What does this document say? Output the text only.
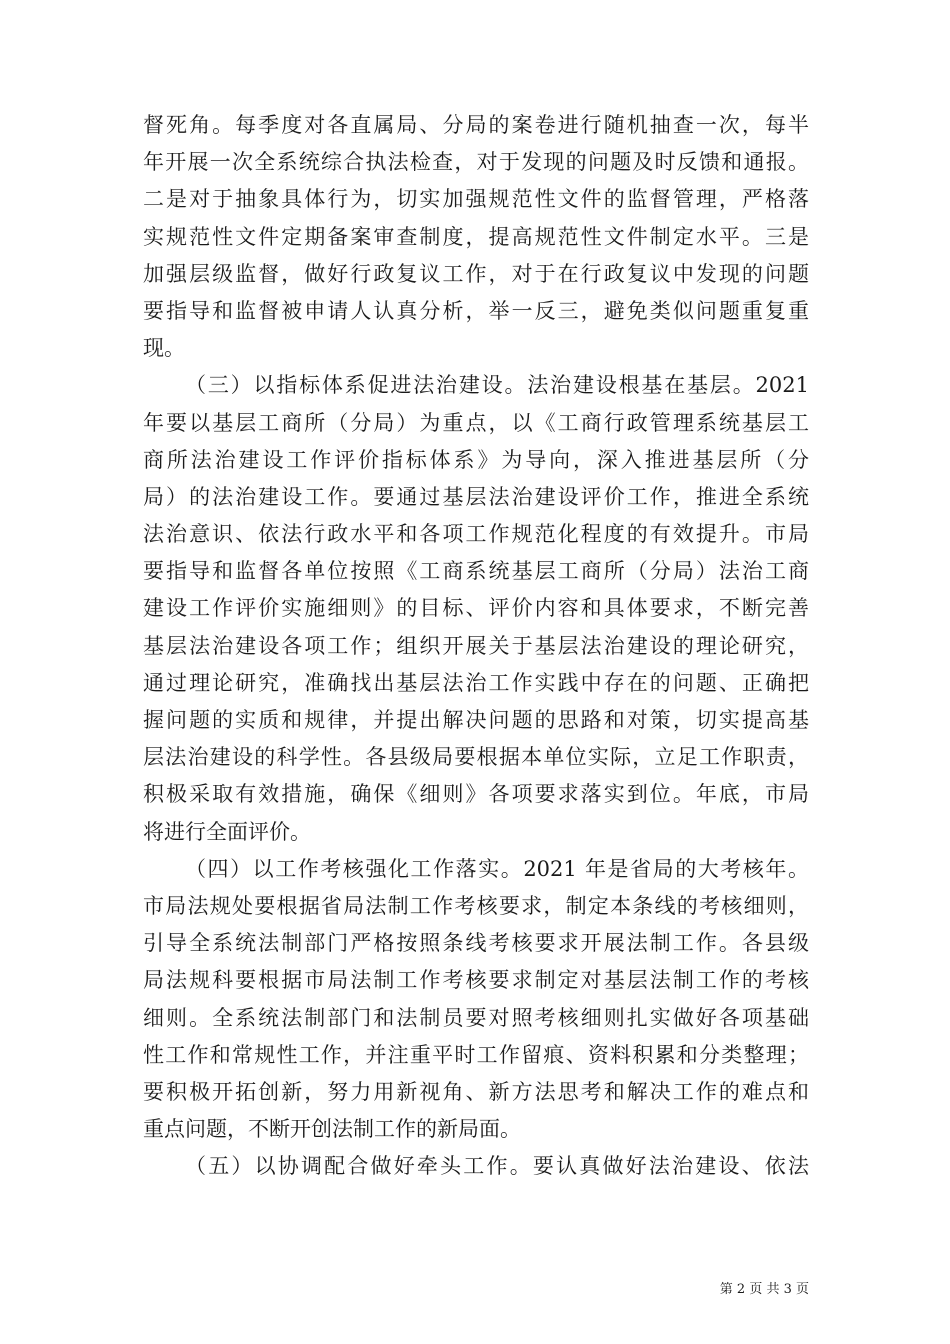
督死角。每季度对各直属局、分局的案卷进行随机抽查一次，每半
年开展一次全系统综合执法检查，对于发现的问题及时反馈和通报。
二是对于抽象具体行为，切实加强规范性文件的监督管理，严格落
实规范性文件定期备案审查制度，提高规范性文件制定水平。三是
加强层级监督，做好行政复议工作，对于在行政复议中发现的问题
要指导和监督被申请人认真分析，举一反三，避免类似问题重复重
现。
（三）以指标体系促进法治建设。法治建设根基在基层。2021
年要以基层工商所（分局）为重点，以《工商行政管理系统基层工
商所法治建设工作评价指标体系》为导向，深入推进基层所（分
局）的法治建设工作。要通过基层法治建设评价工作，推进全系统
法治意识、依法行政水平和各项工作规范化程度的有效提升。市局
要指导和监督各单位按照《工商系统基层工商所（分局）法治工商
建设工作评价实施细则》的目标、评价内容和具体要求，不断完善
基层法治建设各项工作；组织开展关于基层法治建设的理论研究，
通过理论研究，准确找出基层法治工作实践中存在的问题、正确把
握问题的实质和规律，并提出解决问题的思路和对策，切实提高基
层法治建设的科学性。各县级局要根据本单位实际，立足工作职责，
积极采取有效措施，确保《细则》各项要求落实到位。年底，市局
将进行全面评价。
（四）以工作考核强化工作落实。2021 年是省局的大考核年。
市局法规处要根据省局法制工作考核要求，制定本条线的考核细则，
引导全系统法制部门严格按照条线考核要求开展法制工作。各县级
局法规科要根据市局法制工作考核要求制定对基层法制工作的考核
细则。全系统法制部门和法制员要对照考核细则扎实做好各项基础
性工作和常规性工作，并注重平时工作留痕、资料积累和分类整理；
要积极开拓创新，努力用新视角、新方法思考和解决工作的难点和
重点问题，不断开创法制工作的新局面。
（五）以协调配合做好牵头工作。要认真做好法治建设、依法
第 2 页 共 3 页
